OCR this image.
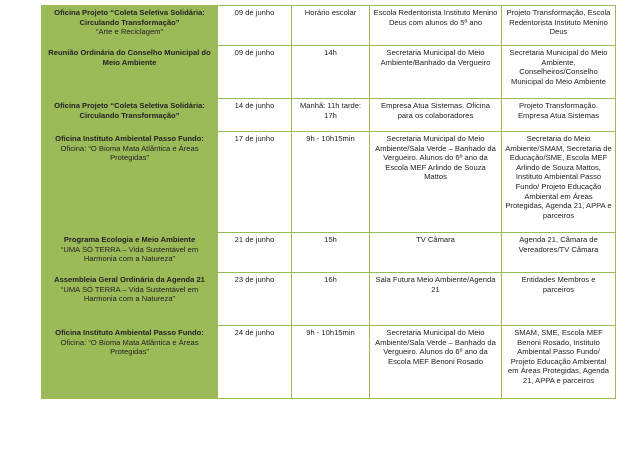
Oficina Projeto “Coleta Seletiva Solidária: Circulando Transformação”
“Arte e Reciclagem”	09 de junho	Horário escolar	Escola Redentorista Instituto Menino Deus com alunos do 5º ano	Projeto Transformação, Escola Redentorista Instituto Menino Deus

Reunião Ordinária do Conselho Municipal do Meio Ambiente	09 de junho	14h	Secretaria Municipal do Meio Ambiente/Banhado da Vergueiro	Secretaria Municipal do Meio Ambiente, Conselheiros/Conselho Municipal do Meio Ambiente

Oficina Projeto “Coleta Seletiva Solidária: Circulando Transformação”	14 de junho	Manhã: 11h tarde: 17h	Empresa Atua Sistemas. Oficina para os colaboradores	Projeto Transformação. Empresa Atua Sistemas

Oficina Instituto Ambiental Passo Fundo:
Oficina: “O Bioma Mata Atlântica e Áreas Protegidas”	17 de junho	9h - 10h15min	Secretaria Municipal do Meio Ambiente/Sala Verde – Banhado da Vergueiro. Alunos do 6º ano da Escola MEF Arlindo de Souza Mattos	Secretaria do Meio Ambiente/SMAM, Secretaria de Educação/SME, Escola MEF Arlindo de Souza Mattos, Instituto Ambiental Passo Fundo/ Projeto Educação Ambiental em Áreas Protegidas, Agenda 21, APPA e parceiros

Programa Ecologia e Meio Ambiente
“UMA SÓ TERRA – Vida Sustentável em Harmonia com a Natureza”	21 de junho	15h	TV Câmara	Agenda 21, Câmara de Vereadores/TV Câmara

Assembleia Geral Ordinária da Agenda 21
“UMA SÓ TERRA – Vida Sustentável em Harmonia com a Natureza”	23 de junho	16h	Sala Futura Meio Ambiente/Agenda 21	Entidades Membros e parceiros

Oficina Instituto Ambiental Passo Fundo:
Oficina: “O Bioma Mata Atlântica e Áreas Protegidas”	24 de junho	9h - 10h15min	Secretaria Municipal do Meio Ambiente/Sala Verde – Banhado da Vergueiro. Alunos do 6º ano da Escola MEF Benoni Rosado	SMAM, SME, Escola MEF Benoni Rosado, Instituto Ambiental Passo Fundo/ Projeto Educação Ambiental em Áreas Protegidas, Agenda 21, APPA e parceiros
